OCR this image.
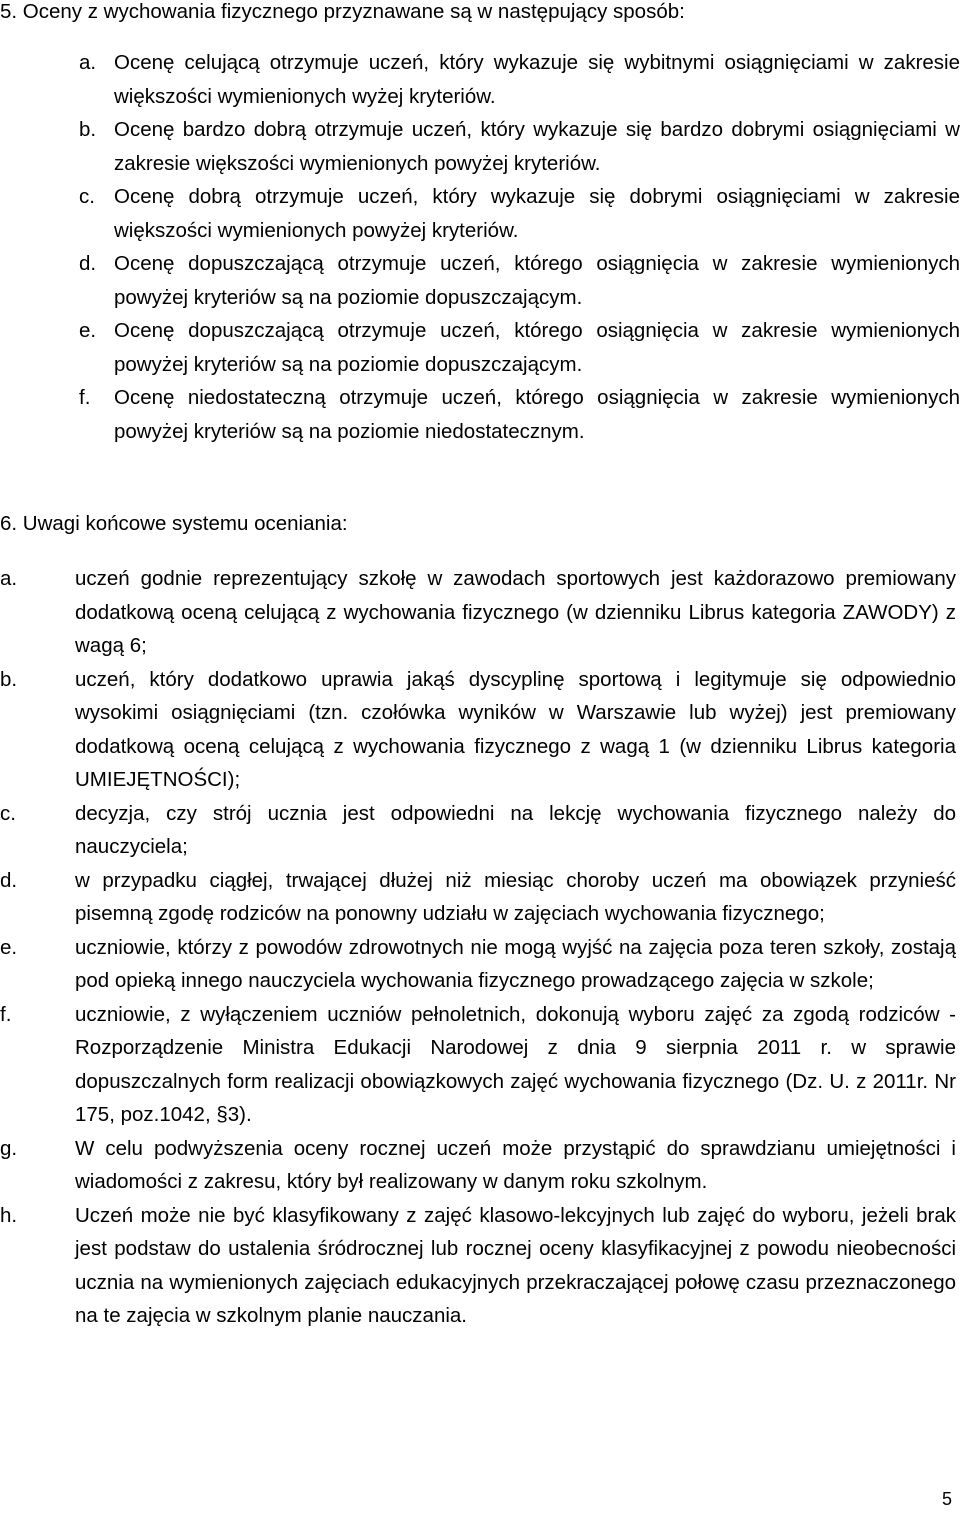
5. Oceny z wychowania fizycznego przyznawane są w następujący sposób:
a. Ocenę celującą otrzymuje uczeń, który wykazuje się wybitnymi osiągnięciami w zakresie większości wymienionych wyżej kryteriów.
b. Ocenę bardzo dobrą otrzymuje uczeń, który wykazuje się bardzo dobrymi osiągnięciami w zakresie większości wymienionych powyżej kryteriów.
c. Ocenę dobrą otrzymuje uczeń, który wykazuje się dobrymi osiągnięciami w zakresie większości wymienionych powyżej kryteriów.
d. Ocenę dopuszczającą otrzymuje uczeń, którego osiągnięcia w zakresie wymienionych powyżej kryteriów są na poziomie dopuszczającym.
e. Ocenę dopuszczającą otrzymuje uczeń, którego osiągnięcia w zakresie wymienionych powyżej kryteriów są na poziomie dopuszczającym.
f.	Ocenę niedostateczną otrzymuje uczeń, którego osiągnięcia w zakresie wymienionych powyżej kryteriów są na poziomie niedostatecznym.
6. Uwagi końcowe systemu oceniania:
a.	uczeń godnie reprezentujący szkołę w zawodach sportowych jest każdorazowo premiowany dodatkową oceną celującą z wychowania fizycznego (w dzienniku Librus kategoria ZAWODY) z wagą 6;
b.	uczeń, który dodatkowo uprawia jakąś dyscyplinę sportową i legitymuje się odpowiednio wysokimi osiągnięciami (tzn. czołówka wyników w Warszawie lub wyżej) jest premiowany dodatkową oceną celującą z wychowania fizycznego z wagą 1 (w dzienniku Librus kategoria UMIEJĘTNOŚCI);
c.	decyzja, czy strój ucznia jest odpowiedni na lekcję wychowania fizycznego należy do nauczyciela;
d.	w przypadku ciągłej, trwającej dłużej niż miesiąc choroby uczeń ma obowiązek przynieść pisemną zgodę rodziców na ponowny udziału w zajęciach wychowania fizycznego;
e.	uczniowie, którzy z powodów zdrowotnych nie mogą wyjść na zajęcia poza teren szkoły, zostają pod opieką innego nauczyciela wychowania fizycznego prowadzącego zajęcia w szkole;
f.	uczniowie, z wyłączeniem uczniów pełnoletnich, dokonują wyboru zajęć za zgodą rodziców - Rozporządzenie Ministra Edukacji Narodowej z dnia 9 sierpnia 2011 r. w sprawie dopuszczalnych form realizacji obowiązkowych zajęć wychowania fizycznego (Dz. U. z 2011r. Nr 175, poz.1042, §3).
g.	W celu podwyższenia oceny rocznej uczeń może przystąpić do sprawdzianu umiejętności i wiadomości z zakresu, który był realizowany w danym roku szkolnym.
h.	Uczeń może nie być klasyfikowany z zajęć klasowo-lekcyjnych lub zajęć do wyboru, jeżeli brak jest podstaw do ustalenia śródrocznej lub rocznej oceny klasyfikacyjnej z powodu nieobecności ucznia na wymienionych zajęciach edukacyjnych przekraczającej połowę czasu przeznaczonego na te zajęcia w szkolnym planie nauczania.
5
